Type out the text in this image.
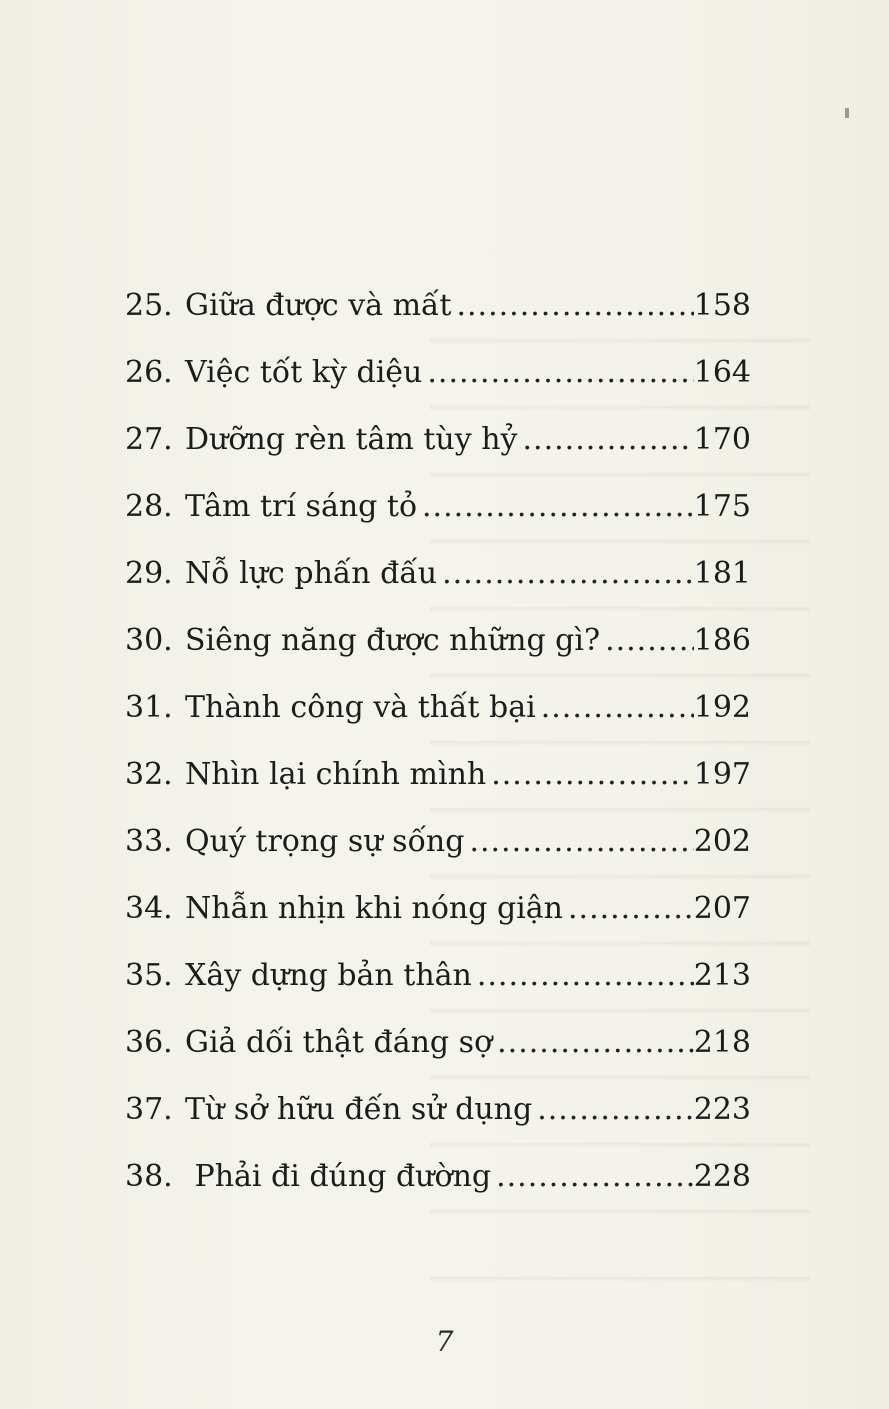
25. Giữa được và mất .....	158
26. Việc tốt kỳ diệu .....	164
27. Dưỡng rèn tâm tùy hỷ .....	170
28. Tâm trí sáng tỏ .....	175
29. Nỗ lực phấn đấu .....	181
30. Siêng năng được những gì? .....	186
31. Thành công và thất bại .....	192
32. Nhìn lại chính mình .....	197
33. Quý trọng sự sống .....	202
34. Nhẫn nhịn khi nóng giận .....	207
35. Xây dựng bản thân .....	213
36. Giả dối thật đáng sợ .....	218
37. Từ sở hữu đến sử dụng .....	223
38. Phải đi đúng đường .....	228
7
